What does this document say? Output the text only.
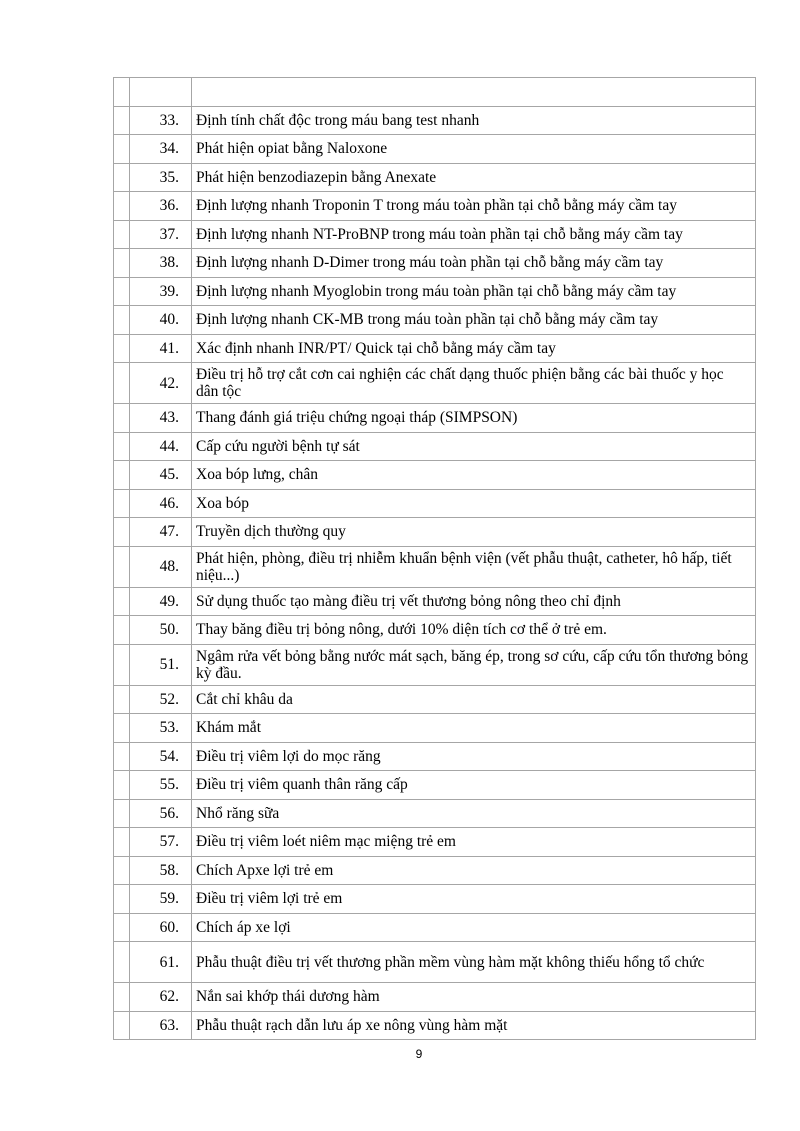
	33.	Định tính chất độc trong máu bang test nhanh
	34.	Phát hiện opiat bằng Naloxone
	35.	Phát hiện benzodiazepin bằng Anexate
	36.	Định lượng nhanh Troponin T trong máu toàn phần tại chỗ bằng máy cầm tay
	37.	Định lượng nhanh NT-ProBNP trong máu toàn phần tại chỗ bằng máy cầm tay
	38.	Định lượng nhanh D-Dimer trong máu toàn phần tại chỗ bằng máy cầm tay
	39.	Định lượng nhanh Myoglobin trong máu toàn phần tại chỗ bằng máy cầm tay
	40.	Định lượng nhanh CK-MB trong máu toàn phần tại chỗ bằng máy cầm tay
	41.	Xác định nhanh INR/PT/ Quick tại chỗ bằng máy cầm tay
	42.	Điều trị hỗ trợ cắt cơn cai nghiện các chất dạng thuốc phiện bằng các bài thuốc y học dân tộc
	43.	Thang đánh giá triệu chứng ngoại tháp (SIMPSON)
	44.	Cấp cứu người bệnh tự sát
	45.	Xoa bóp lưng, chân
	46.	Xoa bóp
	47.	Truyền dịch thường quy
	48.	Phát hiện, phòng, điều trị nhiễm khuẩn bệnh viện (vết phẫu thuật, catheter, hô hấp, tiết niệu...)
	49.	Sử dụng thuốc tạo màng điều trị vết thương bỏng nông theo chỉ định
	50.	Thay băng điều trị bỏng nông, dưới 10% diện tích cơ thể ở trẻ em.
	51.	Ngâm rửa vết bỏng bằng nước mát sạch, băng ép, trong sơ cứu, cấp cứu tổn thương bỏng kỳ đầu.
	52.	Cắt chỉ khâu da
	53.	Khám mắt
	54.	Điều trị viêm lợi do mọc răng
	55.	Điều trị viêm quanh thân răng cấp
	56.	Nhổ răng sữa
	57.	Điều trị viêm loét niêm mạc miệng trẻ em
	58.	Chích Apxe lợi trẻ em
	59.	Điều trị viêm lợi trẻ em
	60.	Chích áp xe lợi
	61.	Phẫu thuật điều trị vết thương phần mềm vùng hàm mặt không thiếu hổng tổ chức
	62.	Nắn sai khớp thái dương hàm
	63.	Phẫu thuật rạch dẫn lưu áp xe nông vùng hàm mặt
9
